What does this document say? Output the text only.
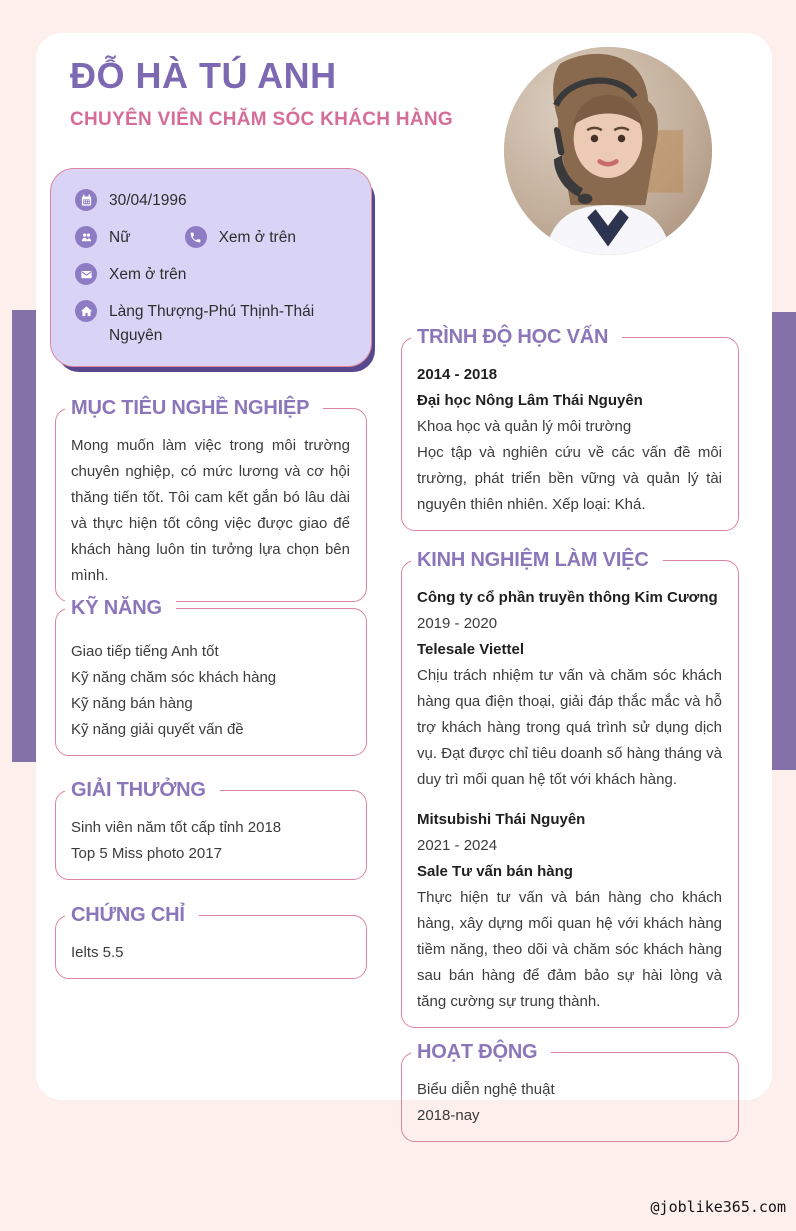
ĐỖ HÀ TÚ ANH
CHUYÊN VIÊN CHĂM SÓC KHÁCH HÀNG
30/04/1996
Nữ	Xem ở trên
Xem ở trên
Làng Thượng-Phú Thịnh-Thái Nguyên
MỤC TIÊU NGHỀ NGHIỆP

Mong muốn làm việc trong môi trường chuyên nghiệp, có mức lương và cơ hội thăng tiến tốt. Tôi cam kết gắn bó lâu dài và thực hiện tốt công việc được giao để khách hàng luôn tin tưởng lựa chọn bên mình.

KỸ NĂNG
Giao tiếp tiếng Anh tốt
Kỹ năng chăm sóc khách hàng
Kỹ năng bán hàng
Kỹ năng giải quyết vấn đề
GIẢI THƯỞNG
Sinh viên năm tốt cấp tỉnh 2018
Top 5 Miss photo 2017
CHỨNG CHỈ
Ielts 5.5
TRÌNH ĐỘ HỌC VẤN
2014 - 2018
Đại học Nông Lâm Thái Nguyên
Khoa học và quản lý môi trường

Học tập và nghiên cứu về các vấn đề môi trường, phát triển bền vững và quản lý tài nguyên thiên nhiên. Xếp loại: Khá.

KINH NGHIỆM LÀM VIỆC
Công ty cổ phần truyền thông Kim Cương
2019 - 2020
Telesale Viettel

Chịu trách nhiệm tư vấn và chăm sóc khách hàng qua điện thoại, giải đáp thắc mắc và hỗ trợ khách hàng trong quá trình sử dụng dịch vụ. Đạt được chỉ tiêu doanh số hàng tháng và duy trì mối quan hệ tốt với khách hàng.

Mitsubishi Thái Nguyên
2021 - 2024
Sale Tư vấn bán hàng

Thực hiện tư vấn và bán hàng cho khách hàng, xây dựng mối quan hệ với khách hàng tiềm năng, theo dõi và chăm sóc khách hàng sau bán hàng để đảm bảo sự hài lòng và tăng cường sự trung thành.

HOẠT ĐỘNG
Biểu diễn nghệ thuật
2018-nay
@joblike365.com
